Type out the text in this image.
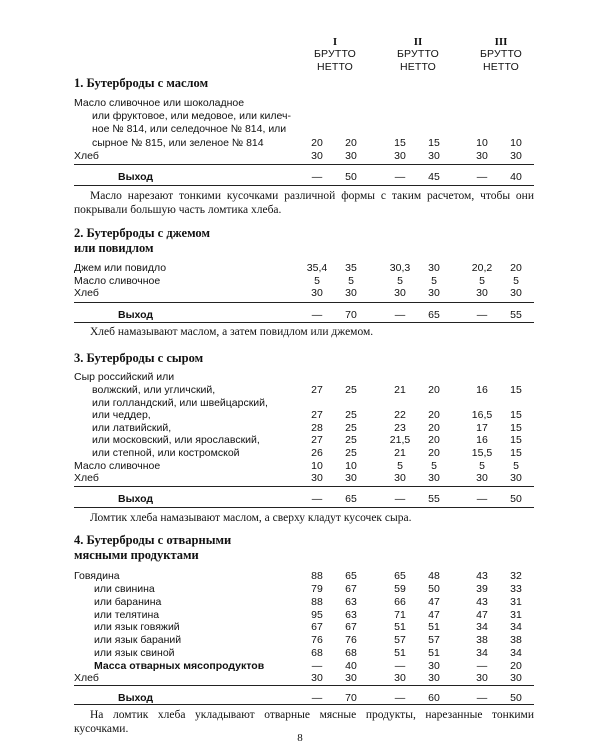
I
БРУТТО НЕТТО
II
БРУТТО НЕТТО
III
БРУТТО НЕТТО
1. Бутерброды с маслом
Масло сливочное или шоколадное
или фруктовое, или медовое, или килеч-
ное № 814, или селедочное № 814, или
сырное № 815, или зеленое № 814	20	20	15	15	10	10
Хлеб	30	30	30	30	30	30
Выход	—	50	—	45	—	40
Масло нарезают тонкими кусочками различной формы с таким расчетом, чтобы они покрывали большую часть ломтика хлеба.
2. Бутерброды с джемом
или повидлом
Джем или повидло	35,4	35	30,3	30	20,2	20
Масло сливочное	5	5	5	5	5	5
Хлеб	30	30	30	30	30	30
Выход	—	70	—	65	—	55
Хлеб намазывают маслом, а затем повидлом или джемом.
3. Бутерброды с сыром
Сыр российский или
волжский, или угличский,	27	25	21	20	16	15
или голландский, или швейцарский,
или чеддер,	27	25	22	20	16,5	15
или латвийский,	28	25	23	20	17	15
или московский, или ярославский,	27	25	21,5	20	16	15
или степной, или костромской	26	25	21	20	15,5	15
Масло сливочное	10	10	5	5	5	5
Хлеб	30	30	30	30	30	30
Выход	—	65	—	55	—	50
Ломтик хлеба намазывают маслом, а сверху кладут кусочек сыра.
4. Бутерброды с отварными
мясными продуктами
Говядина	88	65	65	48	43	32
или свинина	79	67	59	50	39	33
или баранина	88	63	66	47	43	31
или телятина	95	63	71	47	47	31
или язык говяжий	67	67	51	51	34	34
или язык бараний	76	76	57	57	38	38
или язык свиной	68	68	51	51	34	34
Масса отварных мясопродуктов	—	40	—	30	—	20
Хлеб	30	30	30	30	30	30
Выход	—	70	—	60	—	50
На ломтик хлеба укладывают отварные мясные продукты, нарезанные тонкими кусочками.
8
